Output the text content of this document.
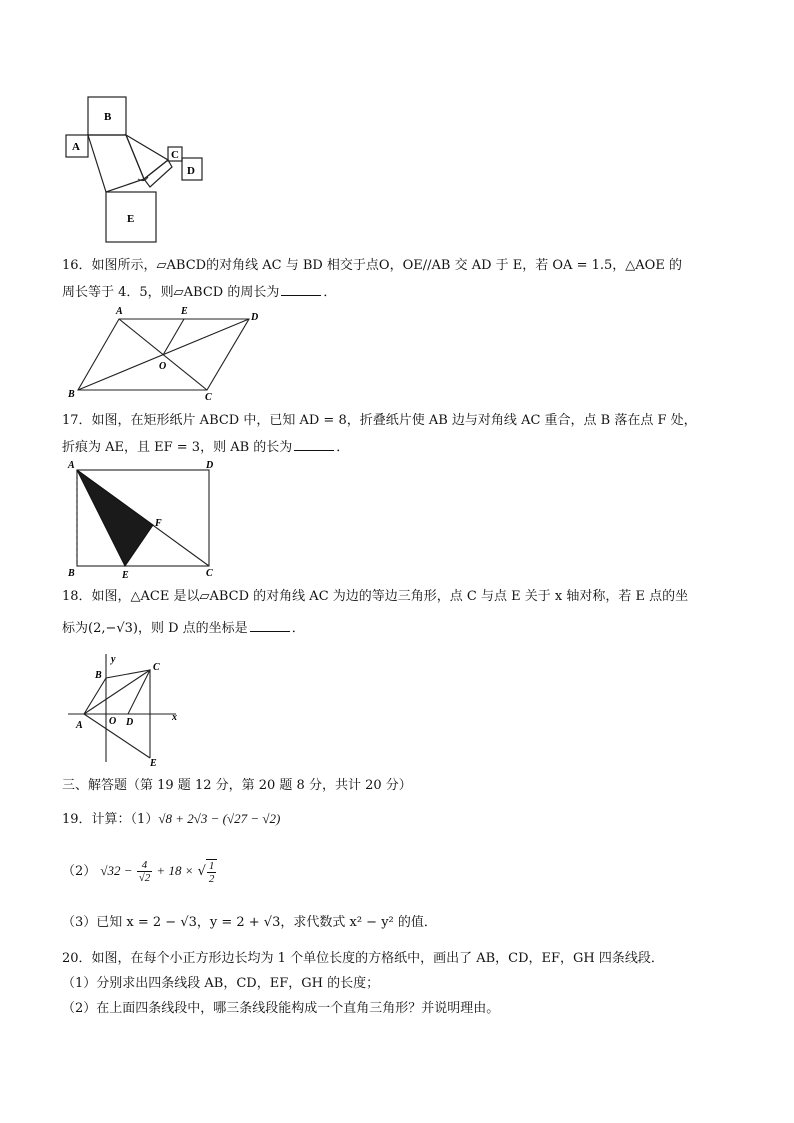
B
A
C
D
E
16．如图所示，▱ABCD的对角线 AC 与 BD 相交于点O，OE//AB 交 AD 于 E，若 OA = 1.5，△AOE 的
周长等于 4．5，则▱ABCD 的周长为	．
A	E
D
O
B	C
17．如图，在矩形纸片 ABCD 中，已知 AD = 8，折叠纸片使 AB 边与对角线 AC 重合，点 B 落在点 F 处，
折痕为 AE，且 EF = 3，则 AB 的长为	．
A	D
F
B	E	C
18．如图，△ACE 是以▱ABCD 的对角线 AC 为边的等边三角形，点 C 与点 E 关于 x 轴对称，若 E 点的坐
标为(2,−√3)，则 D 点的坐标是	．
y
B
C
A	O D	x
E
三、解答题（第 19 题 12 分，第 20 题 8 分，共计 20 分）
19．计算：（1）√8 + 2√3 − (√27 − √2)
（2） $√32 - \frac{4}{√2} + 18$ × √ $\frac{1}{2}$
（3）已知 x = 2 − √3，y = 2 + √3，求代数式 x² − y² 的值．
20．如图，在每个小正方形边长均为 1 个单位长度的方格纸中，画出了 AB，CD，EF，GH 四条线段．
（1）分别求出四条线段 AB，CD，EF，GH 的长度；
（2）在上面四条线段中，哪三条线段能构成一个直角三角形？并说明理由。
